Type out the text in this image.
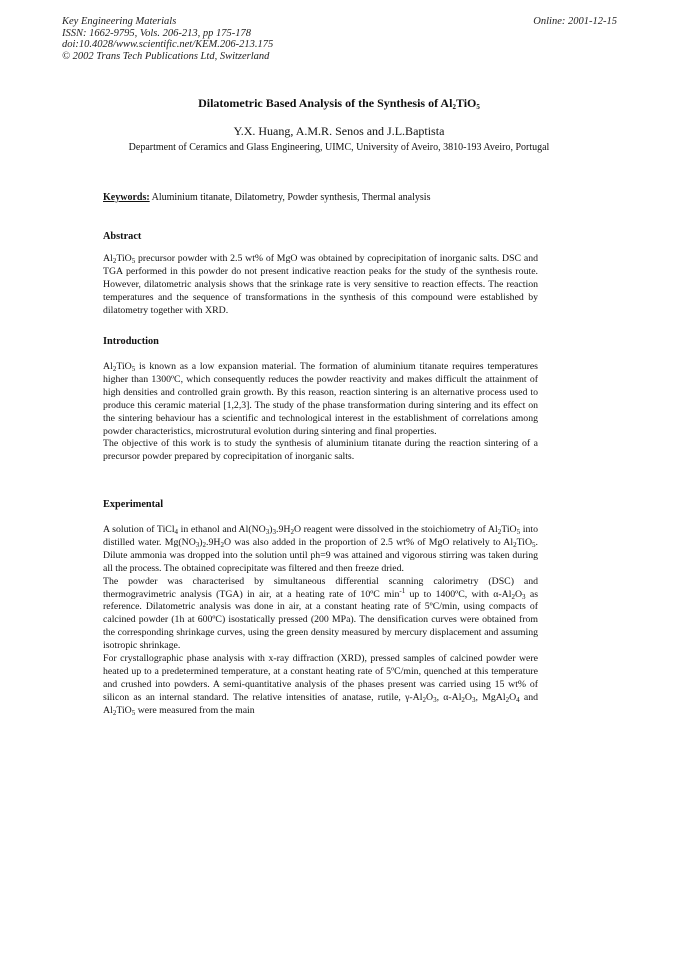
Key Engineering Materials
ISSN: 1662-9795, Vols. 206-213, pp 175-178
doi:10.4028/www.scientific.net/KEM.206-213.175
© 2002 Trans Tech Publications Ltd, Switzerland
Online: 2001-12-15
Dilatometric Based Analysis of the Synthesis of $Al_2TiO_5$
Y.X. Huang, A.M.R. Senos and J.L.Baptista
Department of Ceramics and Glass Engineering, UIMC, University of Aveiro, 3810-193 Aveiro, Portugal
Keywords: Aluminium titanate, Dilatometry, Powder synthesis, Thermal analysis
Abstract

$Al_2TiO_5$ precursor powder with 2.5 wt% of MgO was obtained by coprecipitation of inorganic salts. DSC and TGA performed in this powder do not present indicative reaction peaks for the study of the synthesis route. However, dilatometric analysis shows that the srinkage rate is very sensitive to reaction effects. The reaction temperatures and the sequence of transformations in the synthesis of this compound were established by dilatometry together with XRD.

Introduction

$Al_2TiO_5$ is known as a low expansion material. The formation of aluminium titanate requires temperatures higher than 1300ºC, which consequently reduces the powder reactivity and makes difficult the attainment of high densities and controlled grain growth. By this reason, reaction sintering is an alternative process used to produce this ceramic material [1,2,3]. The study of the phase transformation during sintering and its effect on the sintering behaviour has a scientific and technological interest in the establishment of correlations among powder characteristics, microstrutural evolution during sintering and final properties.

The objective of this work is to study the synthesis of aluminium titanate during the reaction sintering of a precursor powder prepared by coprecipitation of inorganic salts.

Experimental

A solution of TiCl$_4$ in ethanol and $Al(NO_3)_3.9H_2O$ reagent were dissolved in the stoichiometry of $Al_2TiO_5$ into distilled water. $Mg(NO_3)_2.9H_2O$ was also added in the proportion of 2.5 wt% of MgO relatively to $Al_2TiO_5$. Dilute ammonia was dropped into the solution until ph=9 was attained and vigorous stirring was taken during all the process. The obtained coprecipitate was filtered and then freeze dried.

The powder was characterised by simultaneous differential scanning calorimetry (DSC) and thermogravimetric analysis (TGA) in air, at a heating rate of 10ºC $\min^{-1}$ up to 1400ºC, with $\alpha-Al_2O_3$ as reference. Dilatometric analysis was done in air, at a constant heating rate of 5ºC/min, using compacts of calcined powder (1h at 600ºC) isostatically pressed (200 MPa). The densification curves were obtained from the corresponding shrinkage curves, using the green density measured by mercury displacement and assuming isotropic shrinkage.

For crystallographic phase analysis with x-ray diffraction (XRD), pressed samples of calcined powder were heated up to a predetermined temperature, at a constant heating rate of 5ºC/min, quenched at this temperature and crushed into powders. A semi-quantitative analysis of the phases present was carried using 15 wt% of silicon as an internal standard. The relative intensities of anatase, rutile, $\gamma-Al_2O_3$, $\alpha-Al_2O_3$, $MgAl_2O_4$ and $Al_2TiO_5$ were measured from the main
